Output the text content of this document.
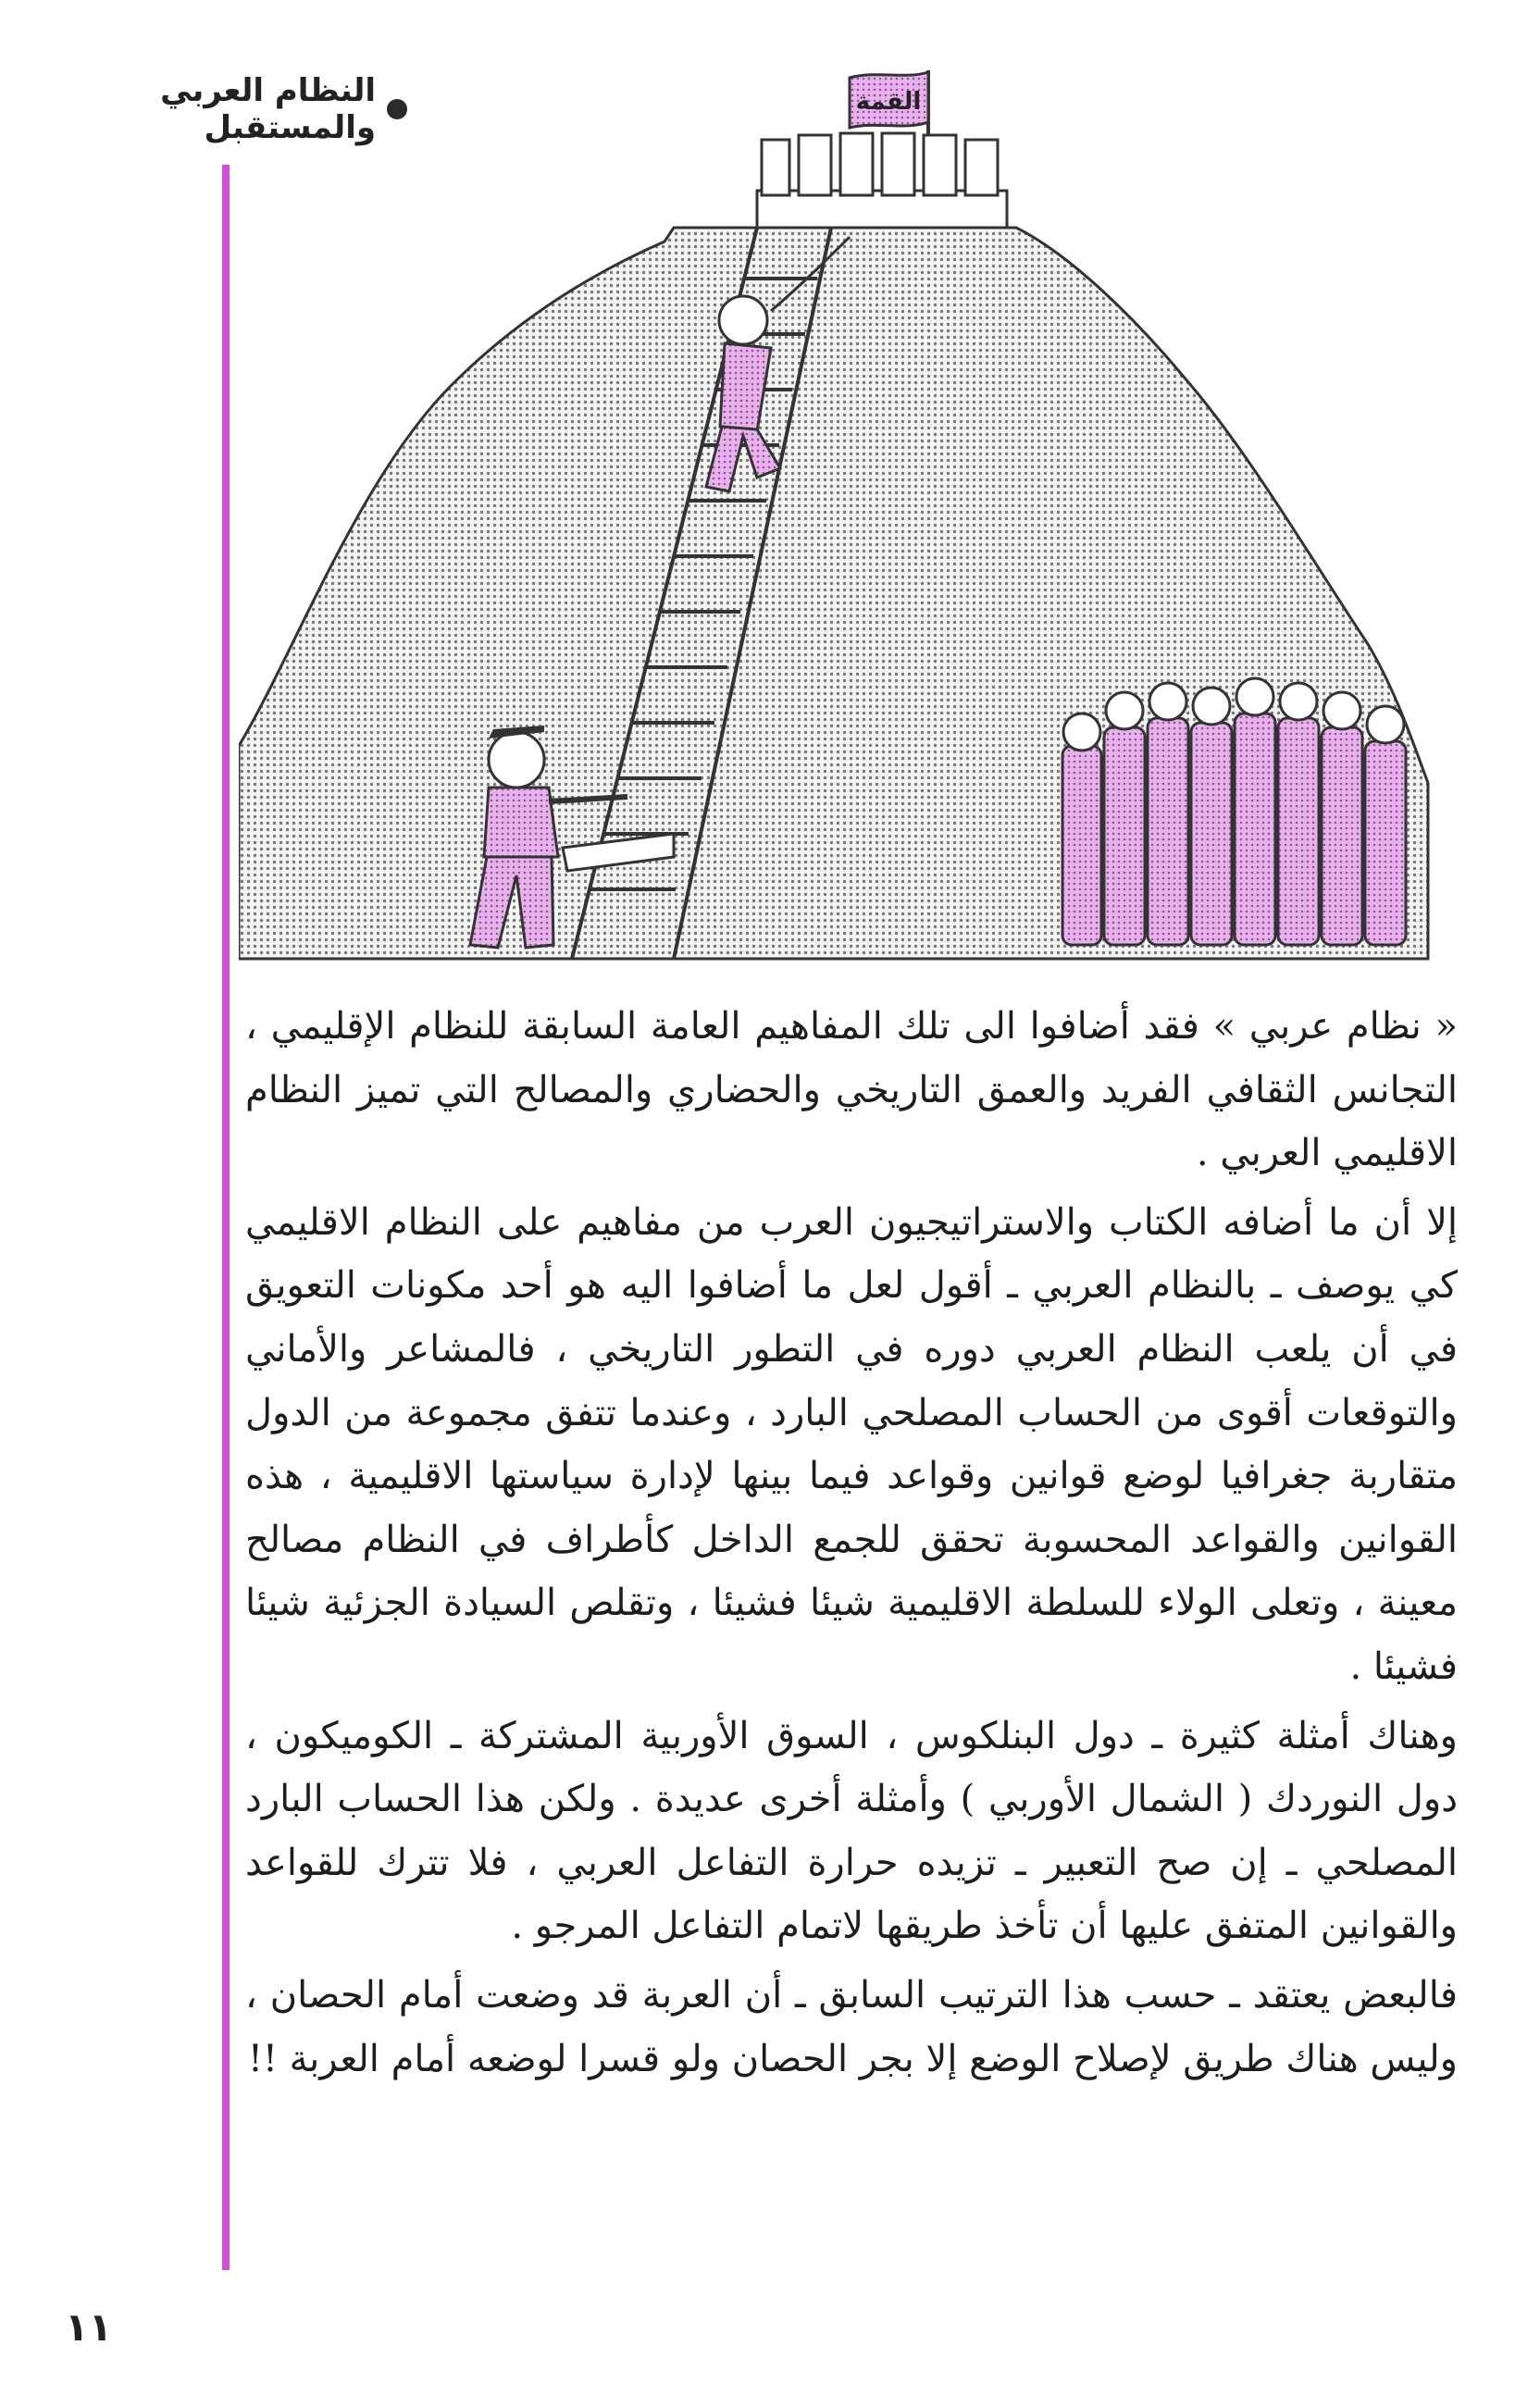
النظام العربي والمستقبل
القمة

« نظام عربي » فقد أضافوا الى تلك المفاهيم العامة السابقة للنظام الإقليمي ، التجانس الثقافي الفريد والعمق التاريخي والحضاري والمصالح التي تميز النظام الاقليمي العربي .

إلا أن ما أضافه الكتاب والاستراتيجيون العرب من مفاهيم على النظام الاقليمي كي يوصف ـ بالنظام العربي ـ أقول لعل ما أضافوا اليه هو أحد مكونات التعويق في أن يلعب النظام العربي دوره في التطور التاريخي ، فالمشاعر والأماني والتوقعات أقوى من الحساب المصلحي البارد ، وعندما تتفق مجموعة من الدول متقاربة جغرافيا لوضع قوانين وقواعد فيما بينها لإدارة سياستها الاقليمية ، هذه القوانين والقواعد المحسوبة تحقق للجمع الداخل كأطراف في النظام مصالح معينة ، وتعلى الولاء للسلطة الاقليمية شيئا فشيئا ، وتقلص السيادة الجزئية شيئا فشيئا .

وهناك أمثلة كثيرة ـ دول البنلكوس ، السوق الأوربية المشتركة ـ الكوميكون ، دول النوردك ( الشمال الأوربي ) وأمثلة أخرى عديدة . ولكن هذا الحساب البارد المصلحي ـ إن صح التعبير ـ تزيده حرارة التفاعل العربي ، فلا تترك للقواعد والقوانين المتفق عليها أن تأخذ طريقها لاتمام التفاعل المرجو .

فالبعض يعتقد ـ حسب هذا الترتيب السابق ـ أن العربة قد وضعت أمام الحصان ، وليس هناك طريق لإصلاح الوضع إلا بجر الحصان ولو قسرا لوضعه أمام العربة !!

١١
